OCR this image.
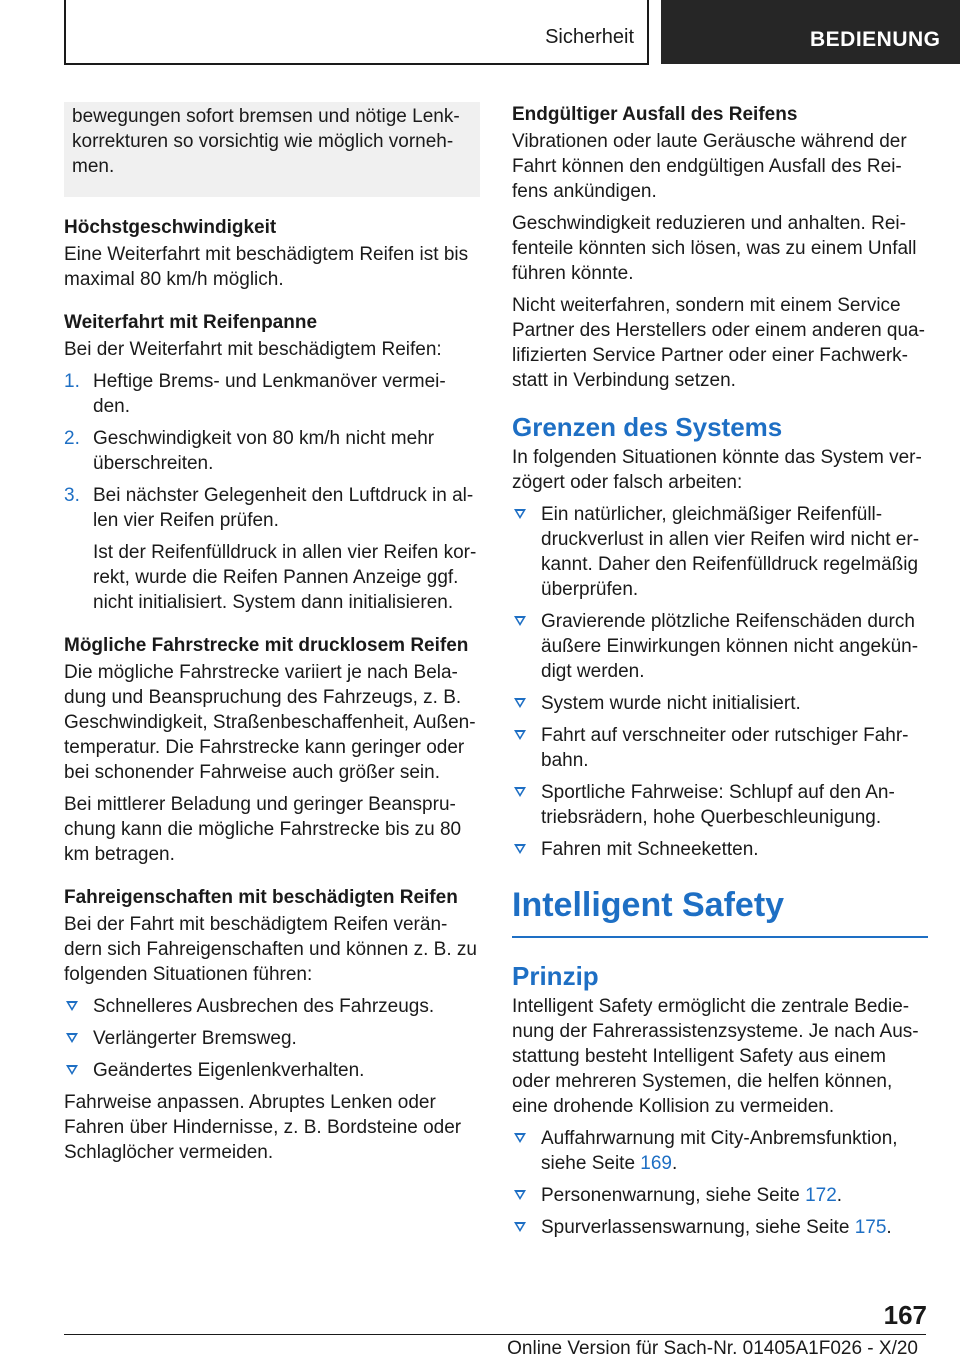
Sicherheit	BEDIENUNG

bewegungen sofort bremsen und nötige Lenk-korrekturen so vorsichtig wie möglich vorneh-men.

Höchstgeschwindigkeit

Eine Weiterfahrt mit beschädigtem Reifen ist bis maximal 80 km/h möglich.

Weiterfahrt mit Reifenpanne

Bei der Weiterfahrt mit beschädigtem Reifen:

1. Heftige Brems- und Lenkmanöver vermei-den.
2. Geschwindigkeit von 80 km/h nicht mehr überschreiten.
3. Bei nächster Gelegenheit den Luftdruck in al-len vier Reifen prüfen.

Ist der Reifenfülldruck in allen vier Reifen kor-rekt, wurde die Reifen Pannen Anzeige ggf. nicht initialisiert. System dann initialisieren.

Mögliche Fahrstrecke mit drucklosem Reifen

Die mögliche Fahrstrecke variiert je nach Bela-dung und Beanspruchung des Fahrzeugs, z. B. Geschwindigkeit, Straßenbeschaffenheit, Außen-temperatur. Die Fahrstrecke kann geringer oder bei schonender Fahrweise auch größer sein.

Bei mittlerer Beladung und geringer Beanspru-chung kann die mögliche Fahrstrecke bis zu 80 km betragen.

Fahreigenschaften mit beschädigten Reifen

Bei der Fahrt mit beschädigtem Reifen verän-dern sich Fahreigenschaften und können z. B. zu folgenden Situationen führen:

Schnelleres Ausbrechen des Fahrzeugs.
Verlängerter Bremsweg.
Geändertes Eigenlenkverhalten.

Fahrweise anpassen. Abruptes Lenken oder Fahren über Hindernisse, z. B. Bordsteine oder Schlaglöcher vermeiden.

Endgültiger Ausfall des Reifens

Vibrationen oder laute Geräusche während der Fahrt können den endgültigen Ausfall des Rei-fens ankündigen.

Geschwindigkeit reduzieren und anhalten. Rei-fenteile könnten sich lösen, was zu einem Unfall führen könnte.

Nicht weiterfahren, sondern mit einem Service Partner des Herstellers oder einem anderen qua-lifizierten Service Partner oder einer Fachwerk-statt in Verbindung setzen.

Grenzen des Systems

In folgenden Situationen könnte das System ver-zögert oder falsch arbeiten:

Ein natürlicher, gleichmäßiger Reifenfüll-druckverlust in allen vier Reifen wird nicht er-kannt. Daher den Reifenfülldruck regelmäßig überprüfen.
Gravierende plötzliche Reifenschäden durch äußere Einwirkungen können nicht angekün-digt werden.
System wurde nicht initialisiert.
Fahrt auf verschneiter oder rutschiger Fahr-bahn.
Sportliche Fahrweise: Schlupf auf den An-triebsrädern, hohe Querbeschleunigung.
Fahren mit Schneeketten.
Intelligent Safety
Prinzip

Intelligent Safety ermöglicht die zentrale Bedie-nung der Fahrerassistenzsysteme. Je nach Aus-stattung besteht Intelligent Safety aus einem oder mehreren Systemen, die helfen können, eine drohende Kollision zu vermeiden.

Auffahrwarnung mit City-Anbremsfunktion, siehe Seite 169.
Personenwarnung, siehe Seite 172.
Spurverlassenswarnung, siehe Seite 175.
167
Online Version für Sach-Nr. 01405A1F026 - X/20
